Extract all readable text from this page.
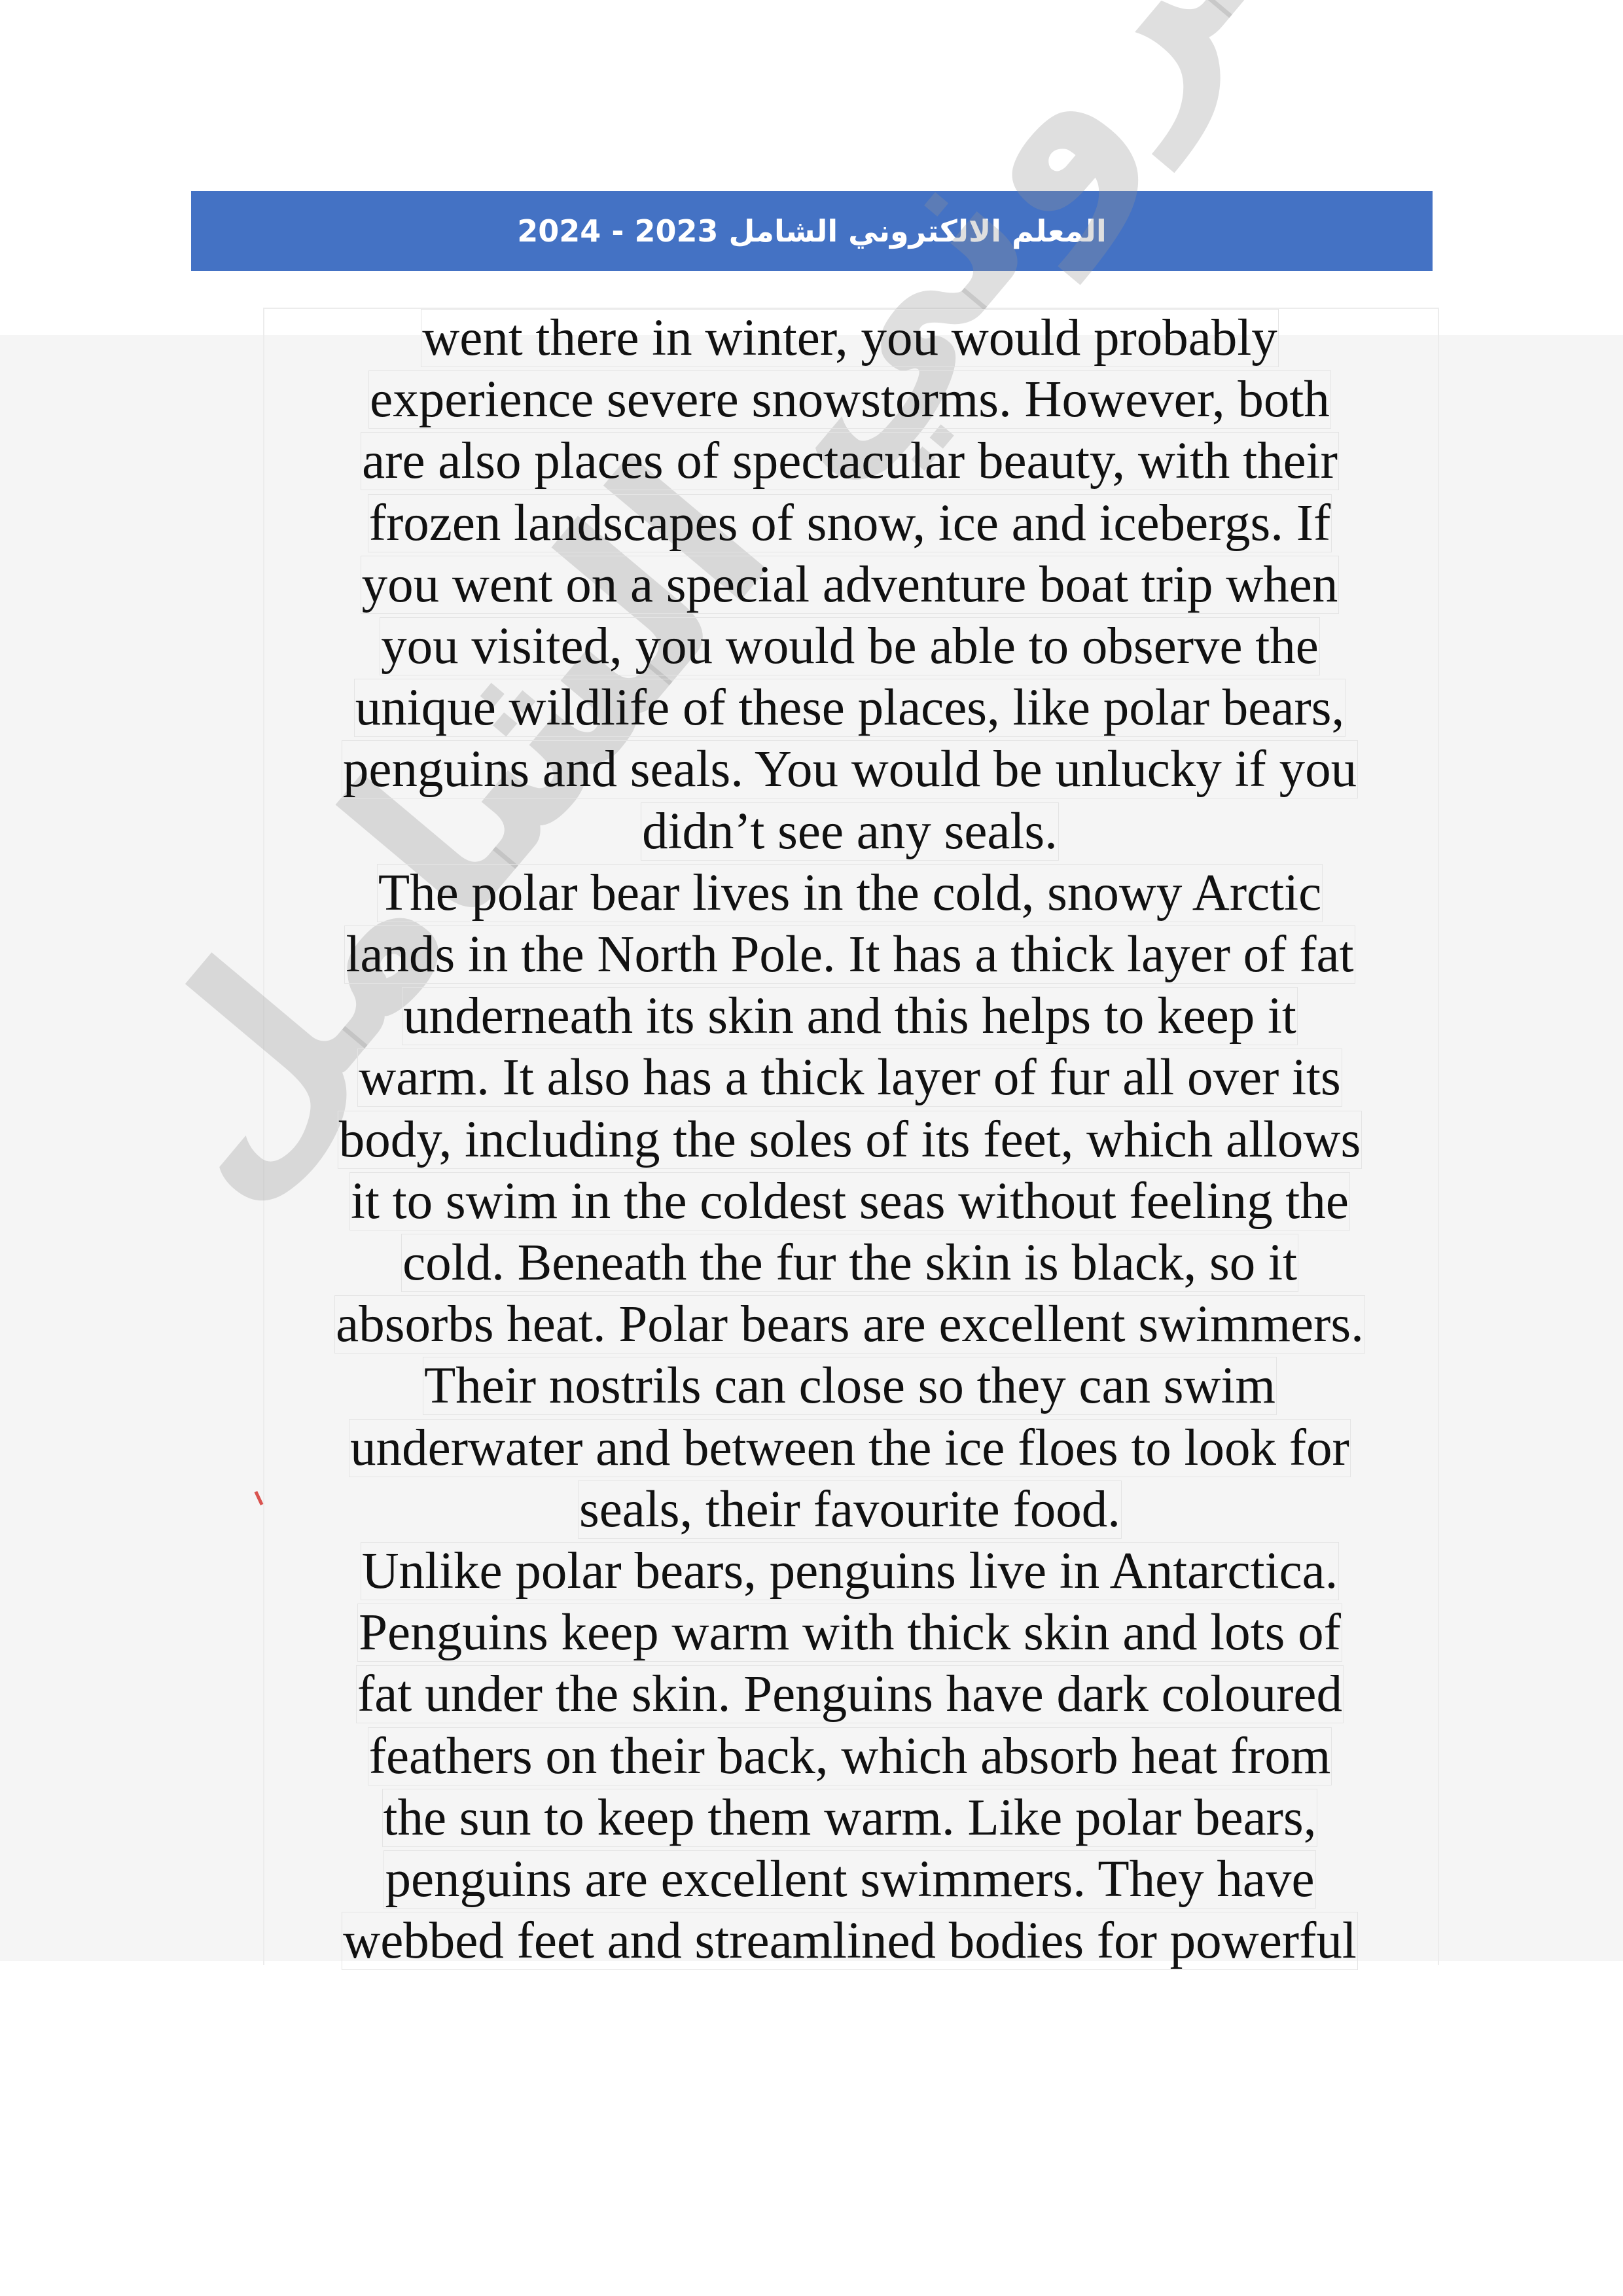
المعلم الالكتروني الشامل 2023 - 2024
went there in winter, you would probably
experience severe snowstorms. However, both
are also places of spectacular beauty, with their
frozen landscapes of snow, ice and icebergs. If
you went on a special adventure boat trip when
you visited, you would be able to observe the
unique wildlife of these places, like polar bears,
penguins and seals. You would be unlucky if you
didn’t see any seals.
The polar bear lives in the cold, snowy Arctic
lands in the North Pole. It has a thick layer of fat
underneath its skin and this helps to keep it
warm. It also has a thick layer of fur all over its
body, including the soles of its feet, which allows
it to swim in the coldest seas without feeling the
cold. Beneath the fur the skin is black, so it
absorbs heat. Polar bears are excellent swimmers.
Their nostrils can close so they can swim
underwater and between the ice floes to look for
seals, their favourite food.
Unlike polar bears, penguins live in Antarctica.
Penguins keep warm with thick skin and lots of
fat under the skin. Penguins have dark coloured
feathers on their back, which absorb heat from
the sun to keep them warm. Like polar bears,
penguins are excellent swimmers. They have
webbed feet and streamlined bodies for powerful
